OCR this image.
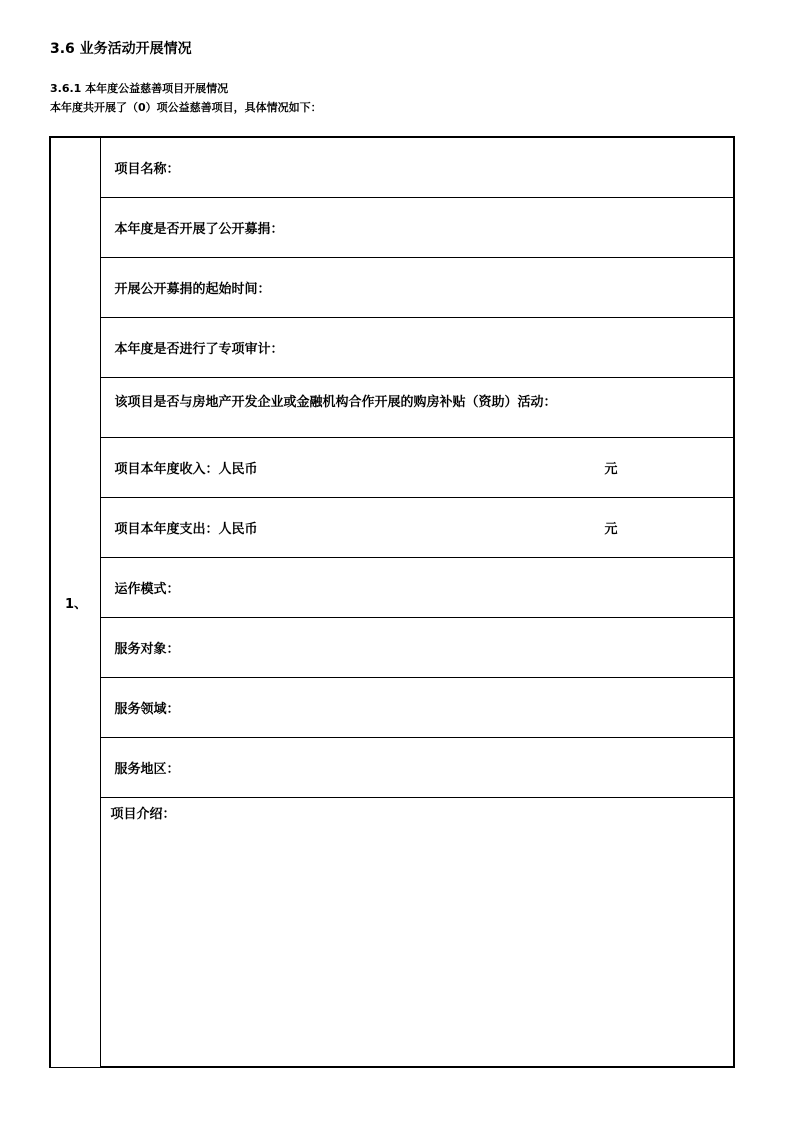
3.6 业务活动开展情况
3.6.1 本年度公益慈善项目开展情况

本年度共开展了（0）项公益慈善项目，具体情况如下：

1、	项目名称：
本年度是否开展了公开募捐：
开展公开募捐的起始时间：
本年度是否进行了专项审计：

该项目是否与房地产开发企业或金融机构合作开展的购房补贴（资助）活动：

项目本年度收入：人民币	元

项目本年度支出：人民币	元

运作模式：
服务对象：
服务领域：
服务地区：

项目介绍：
